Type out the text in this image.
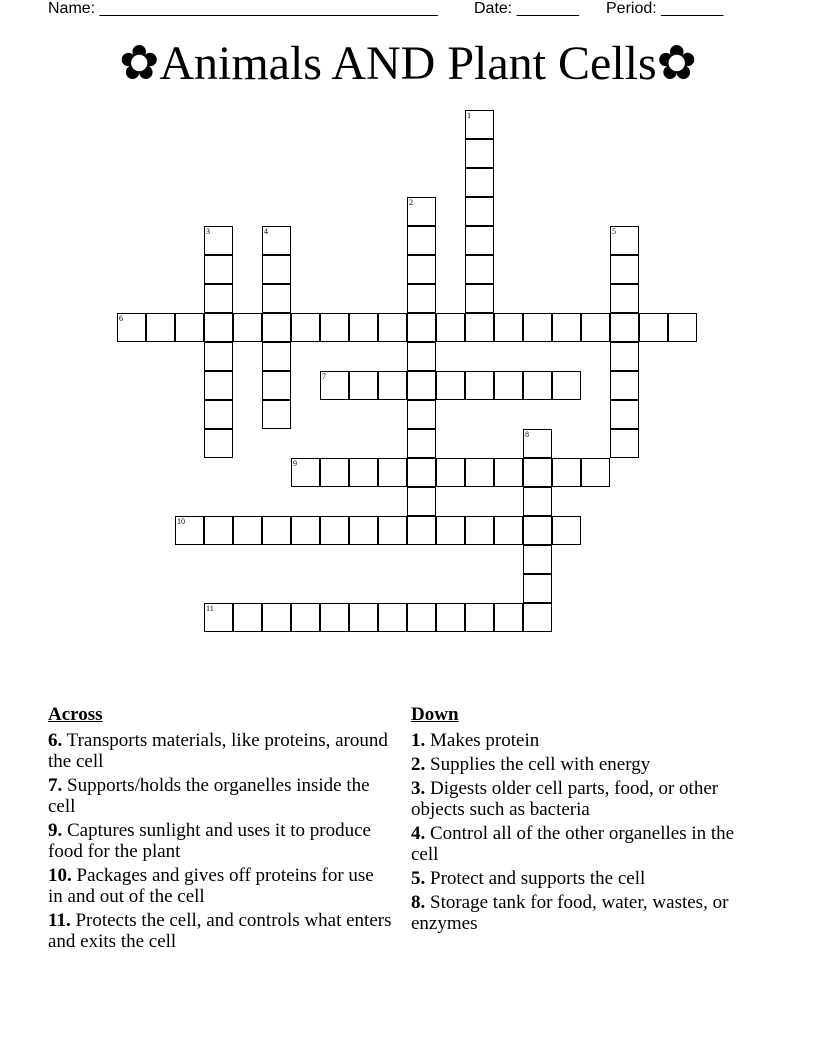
Name: ______________________________________ Date: _______ Period: _______
✿Animals AND Plant Cells✿
1
2
3	4	5
6
7
8
9
10
11
Across
6. Transports materials, like proteins, around the cell
7. Supports/holds the organelles inside the cell
9. Captures sunlight and uses it to produce food for the plant
10. Packages and gives off proteins for use in and out of the cell
11. Protects the cell, and controls what enters and exits the cell
Down
1. Makes protein
2. Supplies the cell with energy
3. Digests older cell parts, food, or other objects such as bacteria
4. Control all of the other organelles in the cell
5. Protect and supports the cell
8. Storage tank for food, water, wastes, or enzymes
